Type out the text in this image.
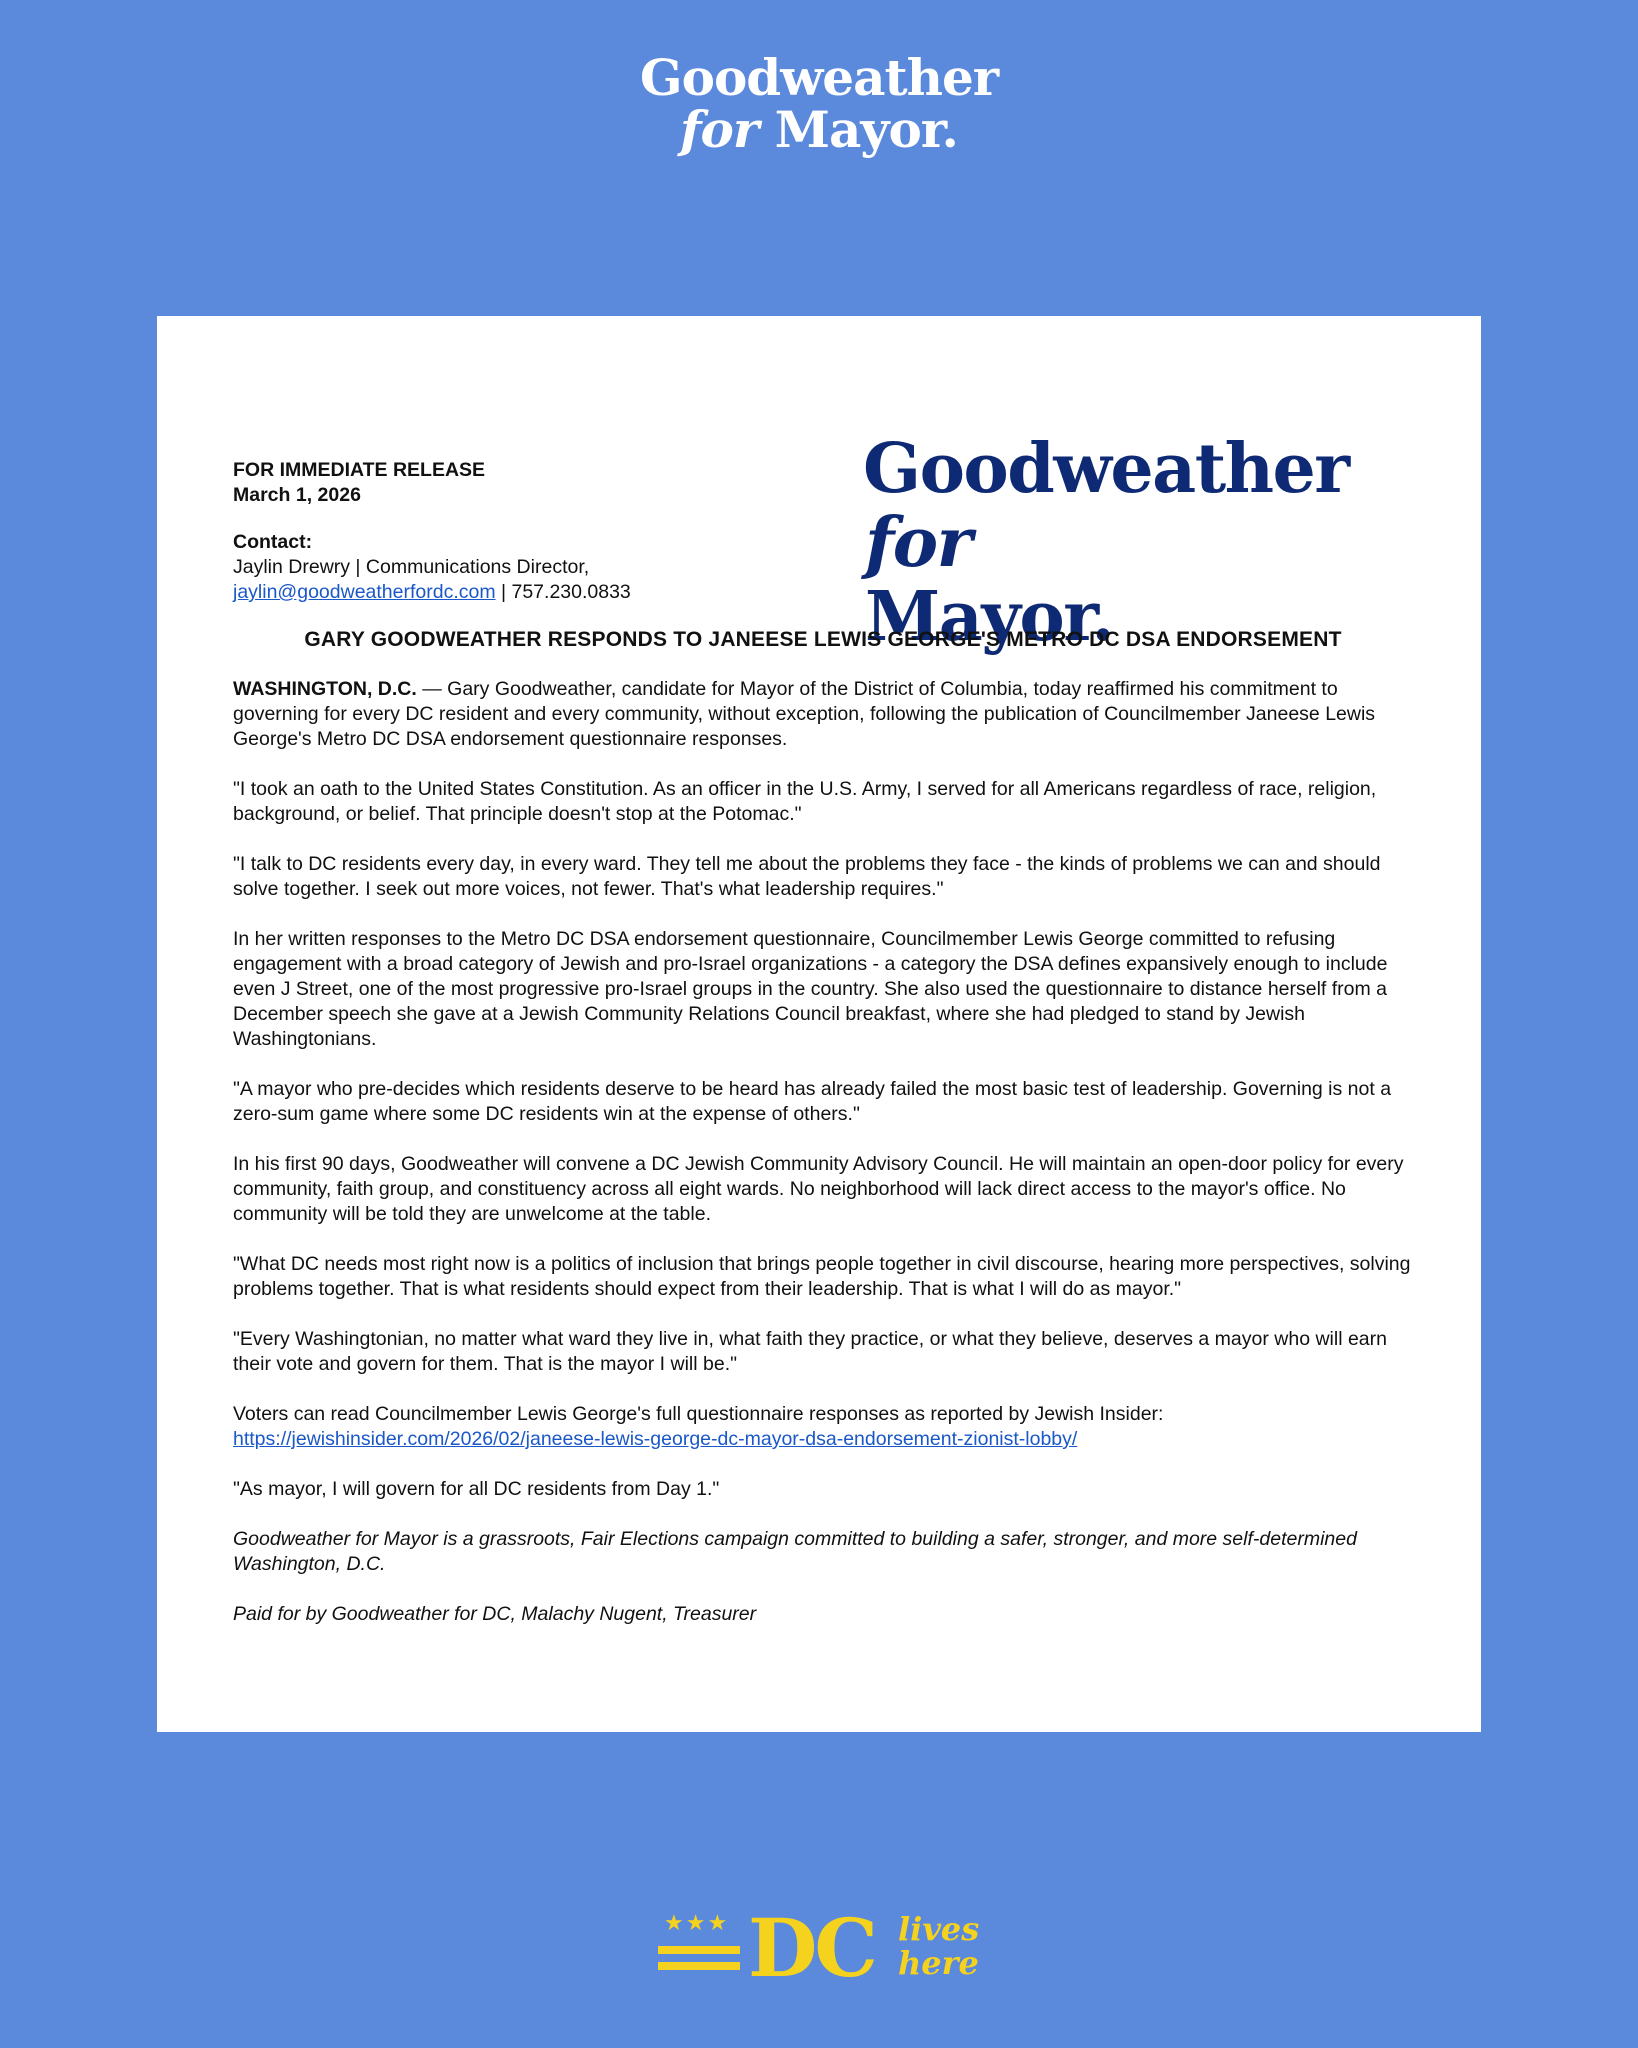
Goodweather
for Mayor.
Goodweather
for
Mayor.

FOR IMMEDIATE RELEASE

March 1, 2026

Contact:

Jaylin Drewry | Communications Director,

jaylin@goodweatherfordc.com | 757.230.0833

GARY GOODWEATHER RESPONDS TO JANEESE LEWIS GEORGE'S METRO DC DSA ENDORSEMENT

WASHINGTON, D.C. — Gary Goodweather, candidate for Mayor of the District of Columbia, today reaffirmed his commitment to governing for every DC resident and every community, without exception, following the publication of Councilmember Janeese Lewis George's Metro DC DSA endorsement questionnaire responses.

"I took an oath to the United States Constitution. As an officer in the U.S. Army, I served for all Americans regardless of race, religion, background, or belief. That principle doesn't stop at the Potomac."

"I talk to DC residents every day, in every ward. They tell me about the problems they face - the kinds of problems we can and should solve together. I seek out more voices, not fewer. That's what leadership requires."

In her written responses to the Metro DC DSA endorsement questionnaire, Councilmember Lewis George committed to refusing engagement with a broad category of Jewish and pro-Israel organizations - a category the DSA defines expansively enough to include even J Street, one of the most progressive pro-Israel groups in the country. She also used the questionnaire to distance herself from a December speech she gave at a Jewish Community Relations Council breakfast, where she had pledged to stand by Jewish Washingtonians.

"A mayor who pre-decides which residents deserve to be heard has already failed the most basic test of leadership. Governing is not a zero-sum game where some DC residents win at the expense of others."

In his first 90 days, Goodweather will convene a DC Jewish Community Advisory Council. He will maintain an open-door policy for every community, faith group, and constituency across all eight wards. No neighborhood will lack direct access to the mayor's office. No community will be told they are unwelcome at the table.

"What DC needs most right now is a politics of inclusion that brings people together in civil discourse, hearing more perspectives, solving problems together. That is what residents should expect from their leadership. That is what I will do as mayor."

"Every Washingtonian, no matter what ward they live in, what faith they practice, or what they believe, deserves a mayor who will earn their vote and govern for them. That is the mayor I will be."

Voters can read Councilmember Lewis George's full questionnaire responses as reported by Jewish Insider:
https://jewishinsider.com/2026/02/janeese-lewis-george-dc-mayor-dsa-endorsement-zionist-lobby/

"As mayor, I will govern for all DC residents from Day 1."

Goodweather for Mayor is a grassroots, Fair Elections campaign committed to building a safer, stronger, and more self-determined Washington, D.C.

Paid for by Goodweather for DC, Malachy Nugent, Treasurer

★★★ DC lives
here
